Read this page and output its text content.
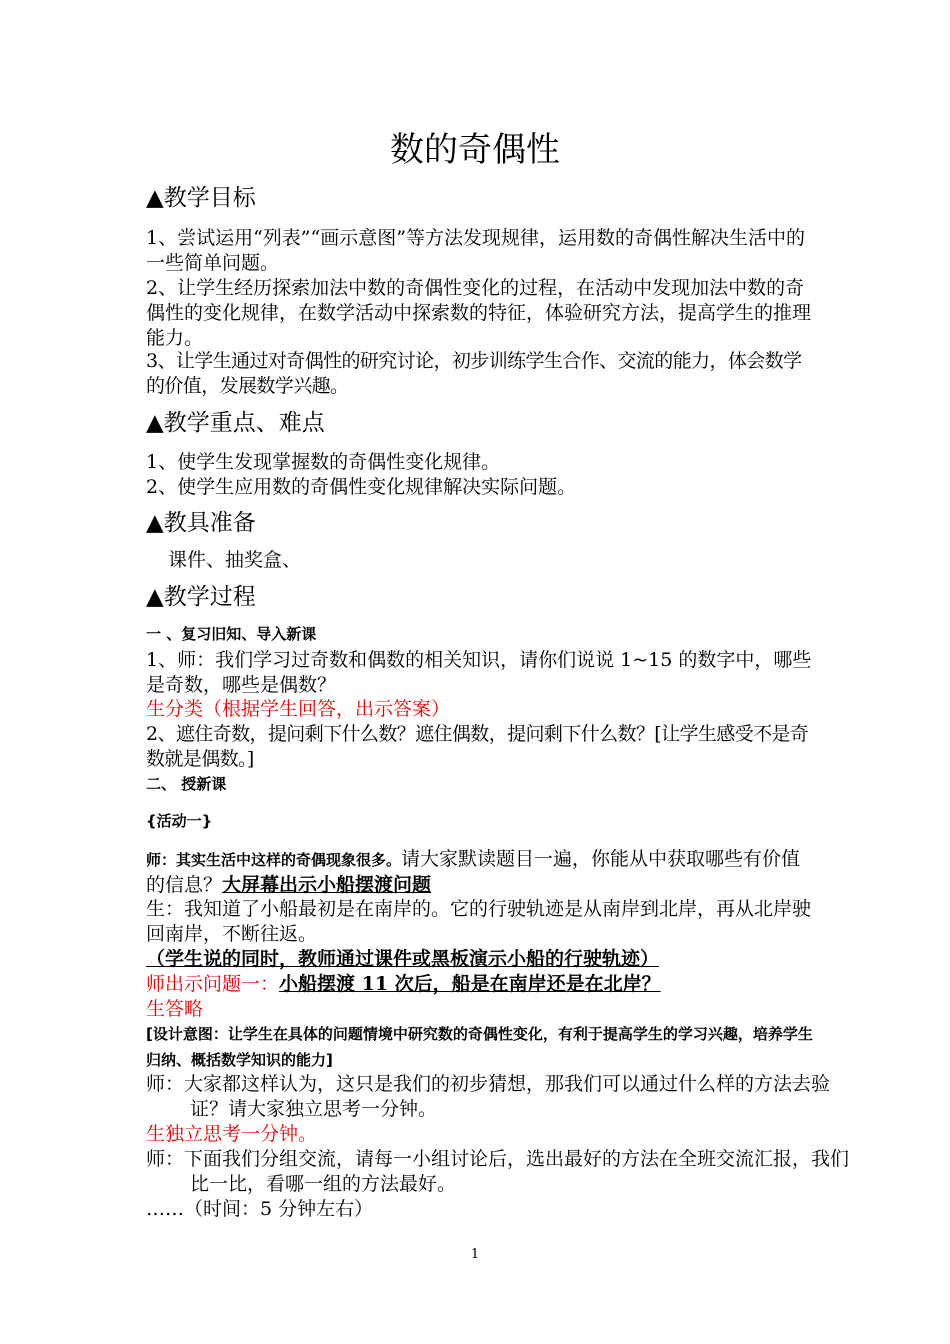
数的奇偶性
▲教学目标
1、尝试运用“列表”“画示意图”等方法发现规律，运用数的奇偶性解决生活中的一些简单问题。
2、让学生经历探索加法中数的奇偶性变化的过程，在活动中发现加法中数的奇偶性的变化规律，在数学活动中探索数的特征，体验研究方法，提高学生的推理能力。
3、让学生通过对奇偶性的研究讨论，初步训练学生合作、交流的能力，体会数学的价值，发展数学兴趣。
▲教学重点、难点
1、使学生发现掌握数的奇偶性变化规律。
2、使学生应用数的奇偶性变化规律解决实际问题。
▲教具准备
课件、抽奖盒、
▲教学过程
一 、复习旧知、导入新课
1、师：我们学习过奇数和偶数的相关知识，请你们说说 1~15 的数字中，哪些是奇数，哪些是偶数？
生分类（根据学生回答，出示答案）
2、遮住奇数，提问剩下什么数？遮住偶数，提问剩下什么数？[让学生感受不是奇数就是偶数。]
二、 授新课
{活动一}
师：其实生活中这样的奇偶现象很多。请大家默读题目一遍，你能从中获取哪些有价值的信息？大屏幕出示小船摆渡问题
生：我知道了小船最初是在南岸的。它的行驶轨迹是从南岸到北岸，再从北岸驶回南岸，不断往返。（学生说的同时，教师通过课件或黑板演示小船的行驶轨迹）
师出示问题一：小船摆渡 11 次后，船是在南岸还是在北岸？
生答略
[设计意图：让学生在具体的问题情境中研究数的奇偶性变化，有利于提高学生的学习兴趣，培养学生归纳、概括数学知识的能力]
师：大家都这样认为，这只是我们的初步猜想，那我们可以通过什么样的方法去验证？请大家独立思考一分钟。
生独立思考一分钟。
师：下面我们分组交流，请每一小组讨论后，选出最好的方法在全班交流汇报，我们比一比，看哪一组的方法最好。
……（时间：5 分钟左右）
1
